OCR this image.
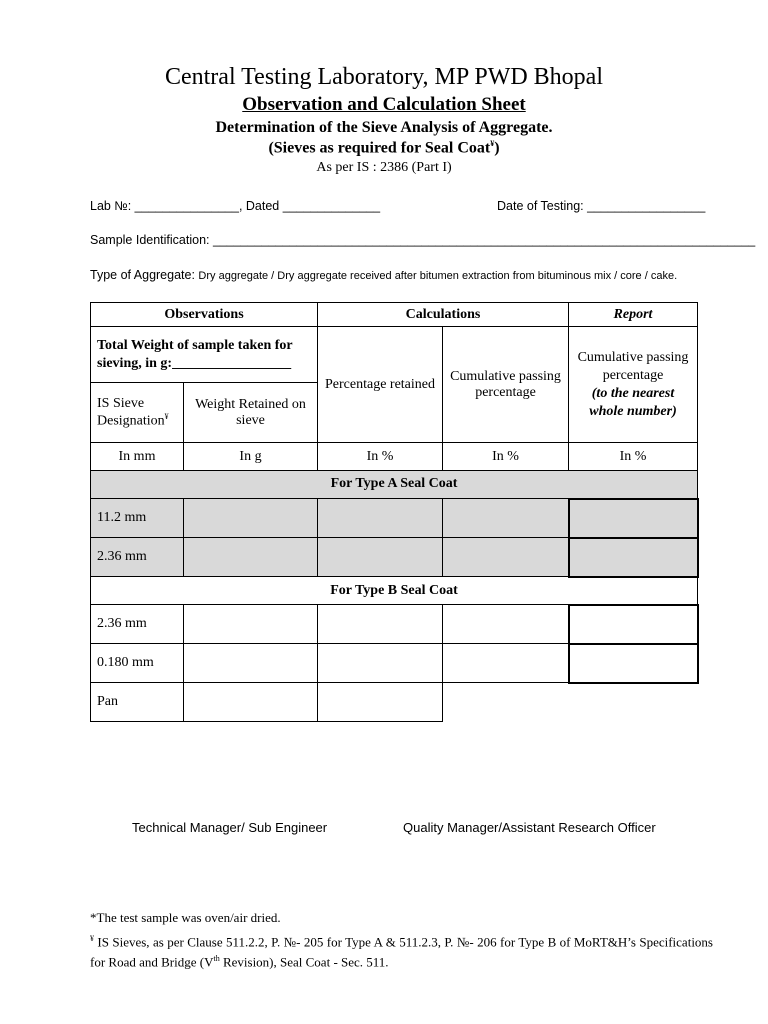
Central Testing Laboratory, MP PWD Bhopal
Observation and Calculation Sheet
Determination of the Sieve Analysis of Aggregate.
(Sieves as required for Seal Coat¥)
As per IS : 2386 (Part I)
Lab №: _______________, Dated ______________	Date of Testing: _________________
Sample Identification: ______________________________________________________________________________
Type of Aggregate: Dry aggregate / Dry aggregate received after bitumen extraction from bituminous mix / core / cake.
Observations		Calculations		Report
Total Weight of sample taken for sieving, in g:_________________		Percentage retained	Cumulative passing percentage	Cumulative passing percentage
(to the nearest whole number)
IS Sieve Designation¥	Weight Retained on sieve			
In mm	In g	In %	In %	In %
For Type A Seal Coat				
11.2 mm				
2.36 mm				
For Type B Seal Coat				
2.36 mm				
0.180 mm				
Pan				
Technical Manager/ Sub Engineer	Quality Manager/Assistant Research Officer
*The test sample was oven/air dried.
¥ IS Sieves, as per Clause 511.2.2, P. №- 205 for Type A & 511.2.3, P. №- 206 for Type B of MoRT&H’s Specifications for Road and Bridge (Vth Revision), Seal Coat - Sec. 511.
